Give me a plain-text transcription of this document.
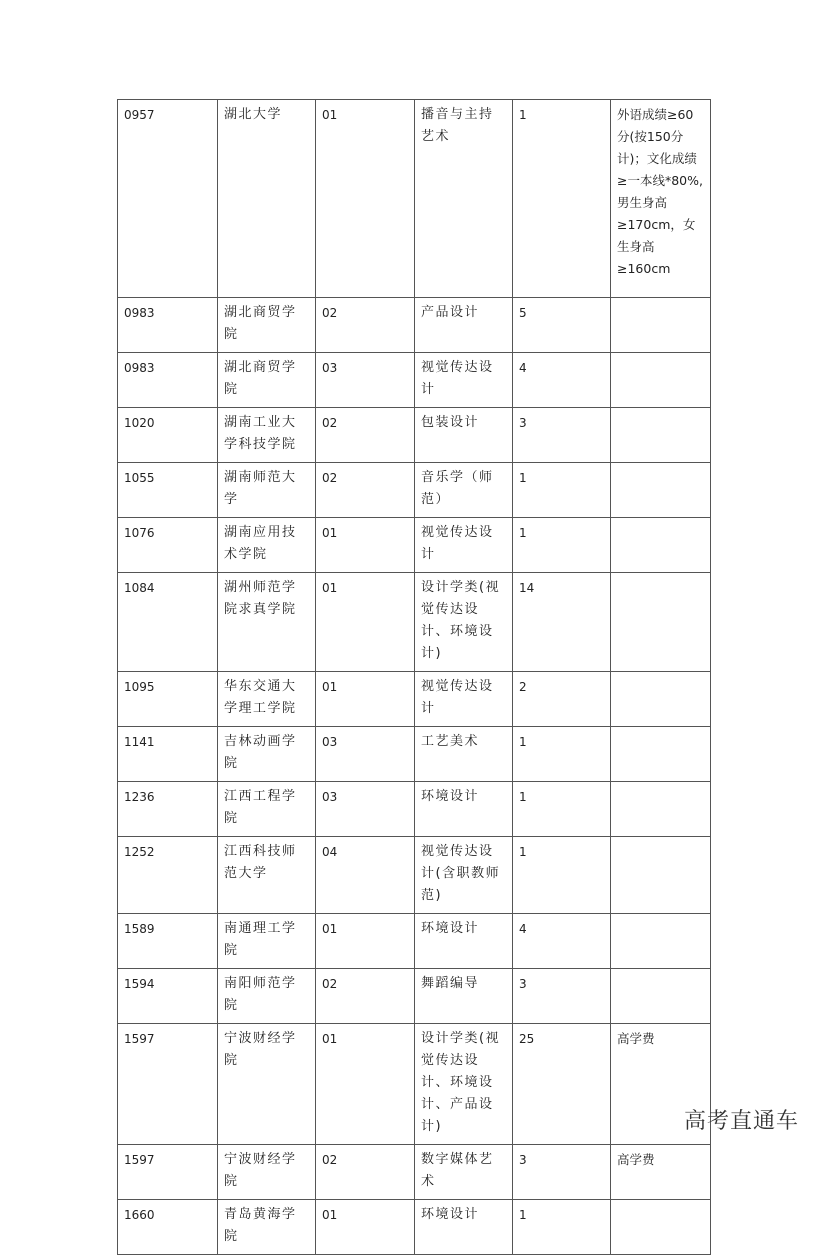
0957	湖北大学	01	播音与主持艺术	1	外语成绩≥60分(按150分计)；文化成绩≥一本线*80%,男生身高≥170cm，女生身高≥160cm
0983	湖北商贸学院	02	产品设计	5	
0983	湖北商贸学院	03	视觉传达设计	4	
1020	湖南工业大学科技学院	02	包装设计	3	
1055	湖南师范大学	02	音乐学（师范）	1	
1076	湖南应用技术学院	01	视觉传达设计	1	
1084	湖州师范学院求真学院	01	设计学类(视觉传达设计、环境设计)	14	
1095	华东交通大学理工学院	01	视觉传达设计	2	
1141	吉林动画学院	03	工艺美术	1	
1236	江西工程学院	03	环境设计	1	
1252	江西科技师范大学	04	视觉传达设计(含职教师范)	1	
1589	南通理工学院	01	环境设计	4	
1594	南阳师范学院	02	舞蹈编导	3	
1597	宁波财经学院	01	设计学类(视觉传达设计、环境设计、产品设计)	25	高学费
1597	宁波财经学院	02	数字媒体艺术	3	高学费
1660	青岛黄海学院	01	环境设计	1	
高考直通车
